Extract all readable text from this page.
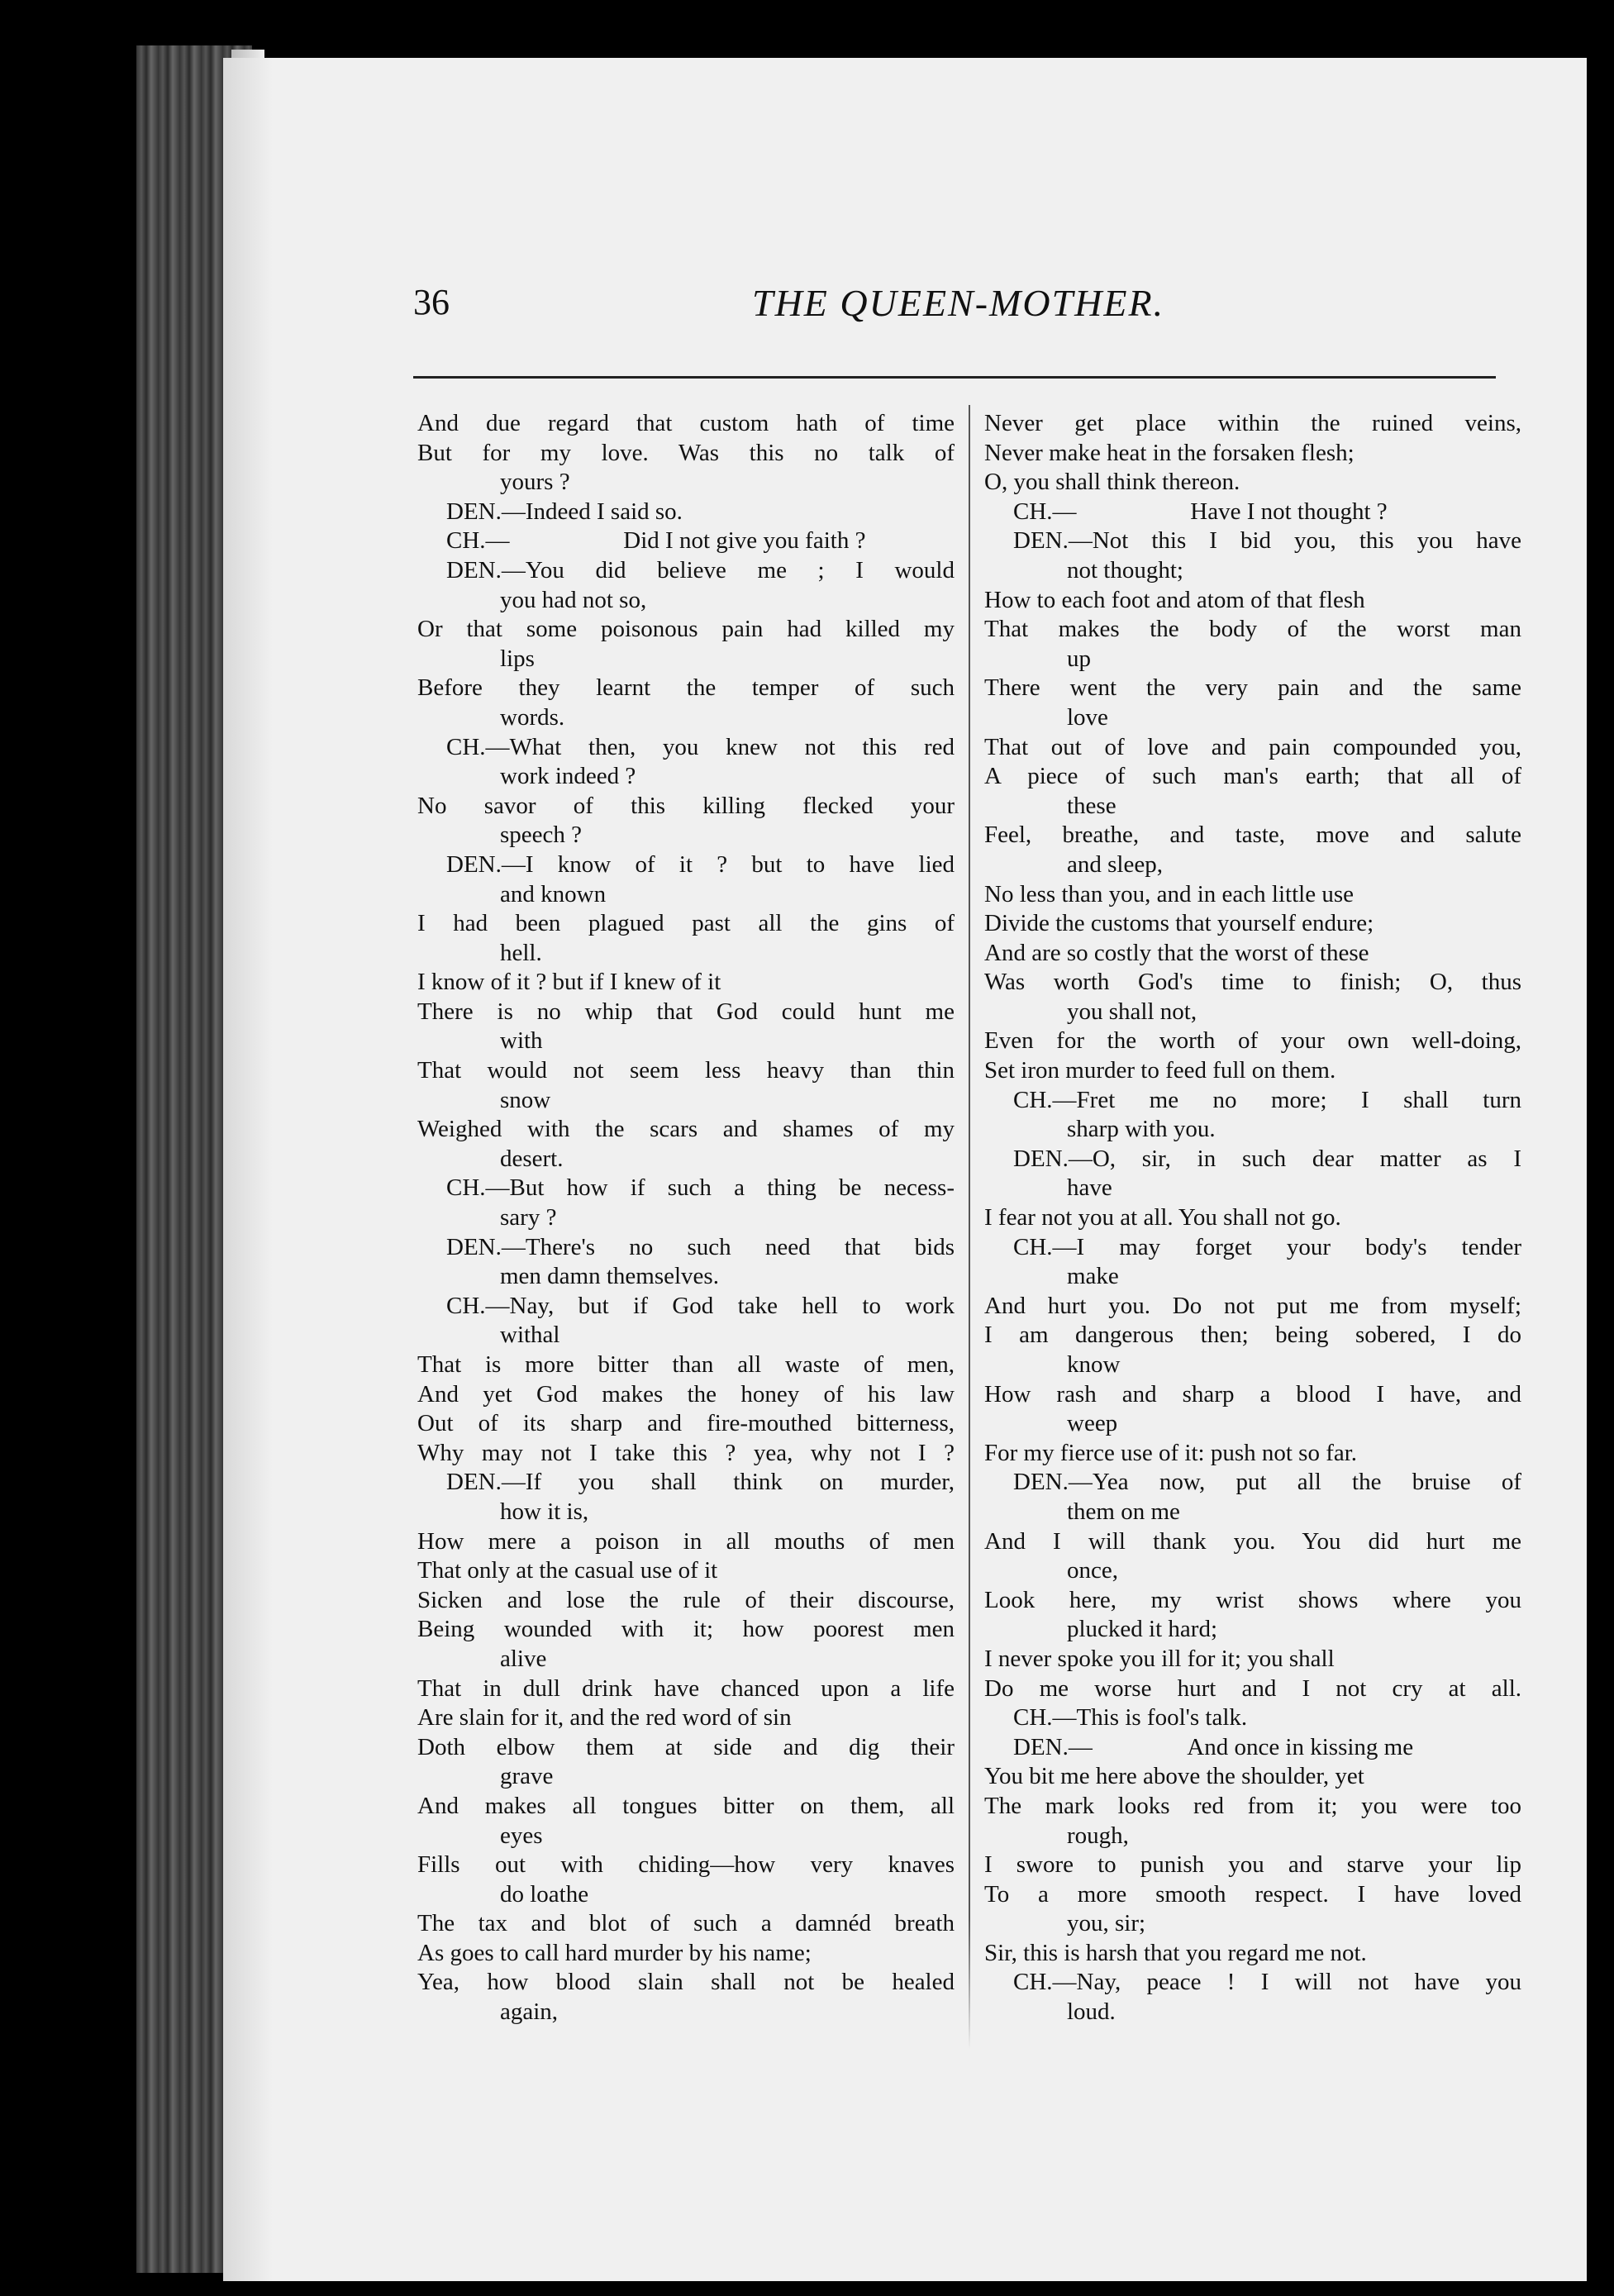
36	THE QUEEN-MOTHER.
And due regard that custom hath of time
But for my love. Was this no talk of
yours ?
DEN.—Indeed I said so.
CH.—                   Did I not give you faith ?
DEN.—You did believe me ; I would
you had not so,
Or that some poisonous pain had killed my
lips
Before they learnt the temper of such
words.
CH.—What then, you knew not this red
work indeed ?
No savor of this killing flecked your
speech ?
DEN.—I know of it ? but to have lied
and known
I had been plagued past all the gins of
hell.
I know of it ? but if I knew of it
There is no whip that God could hunt me
with
That would not seem less heavy than thin
snow
Weighed with the scars and shames of my
desert.
CH.—But how if such a thing be necess-
sary ?
DEN.—There's no such need that bids
men damn themselves.
CH.—Nay, but if God take hell to work
withal
That is more bitter than all waste of men,
And yet God makes the honey of his law
Out of its sharp and fire-mouthed bitterness,
Why may not I take this ? yea, why not I ?
DEN.—If you shall think on murder,
how it is,
How mere a poison in all mouths of men
That only at the casual use of it
Sicken and lose the rule of their discourse,
Being wounded with it; how poorest men
alive
That in dull drink have chanced upon a life
Are slain for it, and the red word of sin
Doth elbow them at side and dig their
grave
And makes all tongues bitter on them, all
eyes
Fills out with chiding—how very knaves
do loathe
The tax and blot of such a damnéd breath
As goes to call hard murder by his name;
Yea, how blood slain shall not be healed
again,
Never get place within the ruined veins,
Never make heat in the forsaken flesh;
O, you shall think thereon.
CH.—                   Have I not thought ?
DEN.—Not this I bid you, this you have
not thought;
How to each foot and atom of that flesh
That makes the body of the worst man
up
There went the very pain and the same
love
That out of love and pain compounded you,
A piece of such man's earth; that all of
these
Feel, breathe, and taste, move and salute
and sleep,
No less than you, and in each little use
Divide the customs that yourself endure;
And are so costly that the worst of these
Was worth God's time to finish; O, thus
you shall not,
Even for the worth of your own well-doing,
Set iron murder to feed full on them.
CH.—Fret me no more; I shall turn
sharp with you.
DEN.—O, sir, in such dear matter as I
have
I fear not you at all. You shall not go.
CH.—I may forget your body's tender
make
And hurt you. Do not put me from myself;
I am dangerous then; being sobered, I do
know
How rash and sharp a blood I have, and
weep
For my fierce use of it: push not so far.
DEN.—Yea now, put all the bruise of
them on me
And I will thank you. You did hurt me
once,
Look here, my wrist shows where you
plucked it hard;
I never spoke you ill for it; you shall
Do me worse hurt and I not cry at all.
CH.—This is fool's talk.
DEN.—                And once in kissing me
You bit me here above the shoulder, yet
The mark looks red from it; you were too
rough,
I swore to punish you and starve your lip
To a more smooth respect. I have loved
you, sir;
Sir, this is harsh that you regard me not.
CH.—Nay, peace ! I will not have you
loud.
